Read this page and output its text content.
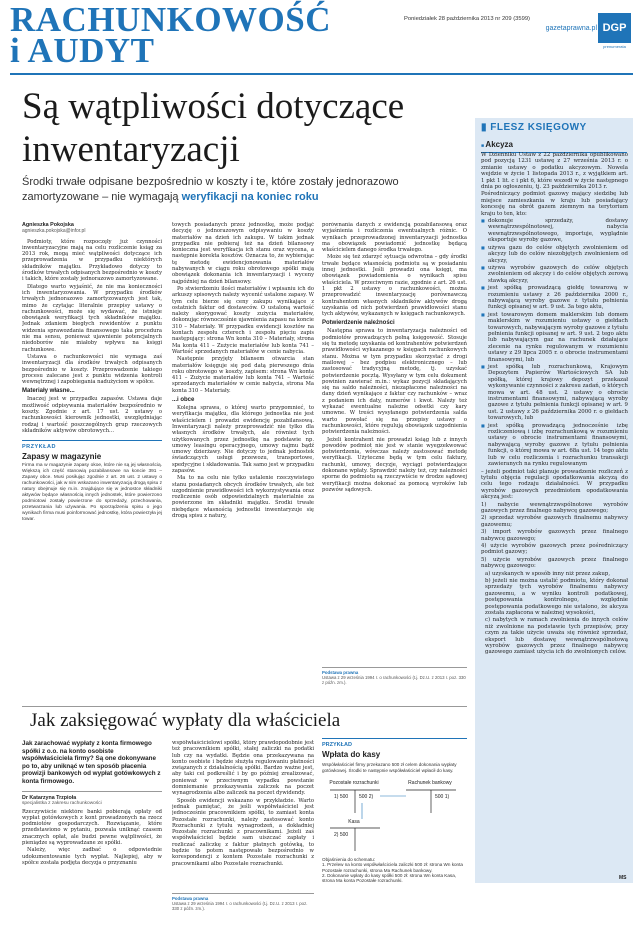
RACHUNKOWOŚĆ
i AUDYT
Poniedziałek 28 października 2013 nr 209 (3599)
gazetaprawna.pl DGP
prenumerata
Są wątpliwości dotyczące
inwentaryzacji
Środki trwałe odpisane bezpośrednio w koszty i te, które zostały jednorazowo zamortyzowane – nie wymagają weryfikacji na koniec roku
Agnieszka Pokojska
agnieszka.pokojska@infor.pl

Podmioty, które rozpoczęły już czynności inwentaryzacyjne mają na celu rozliczenie ksiąg za 2013 rok, mogą mieć wątpliwości dotyczące ich przeprowadzenia w przypadku niektórych składników majątku. Przykładowo dotyczy to środków trwałych odpisanych bezpośrednio w koszty i takich, które zostały jednorazowo zamortyzowane.

Dlatego warto wyjaśnić, że nie ma konieczności ich inwentaryzowania. W przypadku środków trwałych jednorazowo zamortyzowanych jest tak, mimo że czytając literalnie przepisy ustawy o rachunkowości, może się wydawać, że istnieje obowiązek weryfikacji tych składników majątku. Jednak zdaniem biegłych rewidentów z punktu widzenia sprawozdania finansowego taka procedura nie ma sensu, ponieważ ujawnienie potencjalnych niedoborów nie miałoby wpływu na księgi rachunkowe.

Ustawa o rachunkowości nie wymaga zaś inwentaryzacji dla środków trwałych odpisanych bezpośrednio w koszty. Przeprowadzenie takiego procesu zalecane jest z punktu widzenia kontroli wewnętrznej i zapobiegania nadużyciom w spółce.

Materiały własne...

Inaczej jest w przypadku zapasów. Ustawa daje możliwość odpisywania materiałów bezpośrednio w koszty. Zgodnie z art. 17 ust. 2 ustawy o rachunkowości kierownik jednostki, uwzględniając rodzaj i wartość poszczególnych grup rzeczowych składników aktywów obrotowych...

PRZYKŁAD
Zapasy w magazynie
Firma ma w magazynie zapasy okoe, które nie są jej własnością. Większą ich część stanowią pozabilansowe na koncie 391 – Zapasy obce. Musi posiłując zgodnie z art. 26 ust. 2 ustawy o rachunkowości, jak w nim wskazano inwentaryzacją drogą spisu z natury obejmuje się m.in. znajdujące się w jednostce składniki aktywów będące własnością innych jednostek, które powierzono podmiotowi zostały powierzone do sprzedaży, przechowania, przetwarzania lub używania. Po sporządzeniu spisu o jego wynikach firma musi poinformować jednostkę, która powierzyła jej towar.

towych posiadanych przez jednostkę, może podjąć decyzję o jednorazowym odpisywaniu w koszty materiałów na dzień ich zakupu. W takim jednak przypadku nie pobieraj też na dzień bilansowy konieczna jest weryfikacja ich stanu oraz wycena, a następnie korekta kosztów. Oznacza to, że wybierając tę metodę ewidencjonowania materiałów nabywanych w ciągu roku obrotowego spółki mają obowiązek dokonania ich inwentaryzacji i wyceny najpóźniej na dzień bilansowy.

Po stwierdzeniu ilości materiałów i wpisaniu ich do arkuszy spisowych należy wycenić ustalone zapasy. W tym celu bierze się ceny zakupu wynikające z ostatnich faktur od dostawców. O ustaloną wartość należy skorygować koszty zużycia materiałów, dokonując równocześnie ujawnienia zapasu na koncie 310 – Materiały. W przypadku ewidencji kosztów na kontach zespołu czterech i zespołu pięciu zapis następujący: strona Wn konta 310 – Materiały, strona Ma konta 411 – Zużycie materiałów lub konta 741 – Wartość sprzedanych materiałów w cenie nabycia.

Następnie przyjęty bilansem otwarcia stan materiałów księguje się pod datą pierwszego dnia roku obrotowego w koszty, zapisem: strona Wn konta 411 – Zużycie materiałów lub konta 741 – Wartość sprzedanych materiałów w cenie nabycia, strona Ma konta 310 – Materiały.

...i obce

Kolejna sprawa, o której warto przypomnieć, to weryfikacja majątku, dla którego jednostka nie jest właścicielem i prowadzi ewidencję pozabilansową. Inwentaryzacji należy przeprowadzić nie tylko dla własnych środków trwałych, ale również tych użytkowanych przez jednostkę na podstawie np. umowy leasingu operacyjnego, umowy najmu bądź umowy dzierżawy. Nie dotyczy to jednak jednostek świadczących usługi przewozu, transportowe, spedycyjne i składowania. Tak samo jest w przypadku zapasów.

Ma to na celu nie tylko ustalenie rzeczywistego stanu posiadanych obcych środków trwałych, ale też uzgodnienie prawidłowości ich wykorzystywania oraz rozliczenie osób odpowiedzialnych materialnie za powierzone im składniki majątku. Środki trwałe niebędące własnością jednostki inwentaryzuje się drogą spisu z natury,

porównania danych z ewidencją pozabilansową oraz wyjaśnienia i rozliczenia ewentualnych różnic. O wynikach przeprowadzonej inwentaryzacji jednostka ma obowiązek powiadomić jednostkę będącą właścicielem danego środka trwałego.

Może się też zdarzyć sytuacja odwrotna – gdy środki trwałe będące własnością podmiotu są w posiadaniu innej jednostki. Jeśli prowadzi ona księgi, ma obowiązek powiadomienia o wynikach spisu właściciela. W przeciwnym razie, zgodnie z art. 26 ust. 1 pkt 2 ustawy o rachunkowości, można przeprowadzić inwentaryzację porównawczą kontrahentom własnych składników aktywów drogą uzyskania od nich potwierdzeń prawidłowości stanu tych aktywów, wykazanych w księgach rachunkowych.

Potwierdzenie należności

Następna sprawa to inwentaryzacja należności od podmiotów prowadzących pełną księgowość. Stosuje się tu metodę uzyskania od kontrahentów potwierdzeń prawidłowości wykazanego w księgach rachunkowych stanu. Można w tym przypadku skorzystać z drogi mailowej – bez podpisu elektronicznego – lub zastosować tradycyjną metodę, tj. uzyskać potwierdzenie pocztą. Wysyłany w tym celu dokument powinien zawierać m.in.: wykaz pozycji składających się na saldo należności, niezapłacone należności na dany dzień wynikające z faktur czy rachunków – wraz z podaniem ich daty, numerów i kwot. Należy też wykazać ewentualne należne odsetki czy kary umowne. W treści wysyłanego potwierdzenia salda warto powołać się na przepisy ustawy o rachunkowości, które regulują obowiązek uzgodnienia potwierdzenia należności.

Jeżeli kontrahent nie prowadzi ksiąg lub z innych powodów podmiot nie jest w stanie wyegzekwować potwierdzenia, wówczas należy zastosować metodę weryfikacji. Użyteczne będą w tym celu faktury, rachunki, umowy, decyzje, wyciągi potwierdzające dokonane wpłaty. Sprawdzić należy też, czy należności sporne do podmiotu są rzeczywiście w drodze sądowej weryfikacji można dokonać za pomocą wyroków lub pozwów sądowych.

Podstawa prawna
Ustawa z 29 września 1994 r. o rachunkowości (t.j. Dz.U. z 2013 r. poz. 330 z późn. zm.).
▮ FLESZ KSIĘGOWY
■ Akcyza

W Dzienniku Ustaw z 22 października opublikowano pod pozycją 1231 ustawę z 27 września 2013 r. o zmianie ustawy o podatku akcyzowym. Nowela wejdzie w życie 1 listopada 2013 r., z wyjątkiem art. 1 pkt 1 lit. c i pkt 6, które wszedł w życie następnego dnia po ogłoszeniu, tj. 23 października 2013 r.

Pośredniczący podmiot gazowy mający siedzibę lub miejsce zamieszkania w kraju lub posiadający koncesję na obrót gazem ziemnym na terytorium kraju to ten, kto:

■ dokonuje sprzedaży, dostawy wewnątrzwspólnotowej, nabycia wewnątrzwspólnotowego, importuje, wyglądnie eksportuje wyroby gazowe,
■ używa gazu do celów objętych zwolnieniem od akcyzy lub do celów niezobjętych zwolnieniem od akcyzy,
■ używa wyrobów gazowych do celów objętych zwolnieniem od akcyzy i do celów objętych zerową stawką akcyzy,
■ jest spółką prowadzącą giełdę towarową w rozumieniu ustawy z 26 października 2000 r., nabywającą wyroby gazowe z tytułu pełnienia funkcji opisanej w art. 9 ust. 3a tego aktu,
■ jest towarowym domem maklerskim lub domem maklerskim w rozumieniu ustawy o giełdach towarowych, nabywającym wyroby gazowe z tytułu pełnienia funkcji opisanej w art. 9 ust. 2 tego aktu lub nabywającym gaz na rachunek działające zlecenie na rynku regulowanym w rozumieniu ustawy z 29 lipca 2005 r. o obrocie instrumentami finansowymi, lub
■ jest spółką lub rozrachunkową, Krajowym Depozytem Papierów Wartościowych SA lub spółką, której krajowy depozyt przekazał wykonywanie czynności z zakresu zadań, o których mowa w art. 48 ust. 2 ustawy o obrocie instrumentami finansowymi, nabywającą wyroby gazowe z tytułu pełnienia funkcji opisanej w art. 9 ust. 2 ustawy z 26 października 2000 r. o giełdach towarowych, lub
■ jest spółką prowadzącą jednocześnie izbę rozliczeniową i izbę rozrachunkową w rozumieniu ustawy o obrocie instrumentami finansowymi, nabywającą wyroby gazowe z tytułu pełnienia funkcji, o której mowa w art. 68a ust. 14 tego aktu lub w celu rozliczenia i rozrachunku transakcji zawieranych na rynku regulowanym

– jeżeli podmiot taki planuje prowadzenie rozliczeń z tytułu objęcia regulacji opodatkowania akcyzą do celu tego rodzaju działalności. W przypadku wyrobów gazowych przedmiotem opodatkowania akcyzą jest:

1) nabycie wewnątrzwspólnotowe wyrobów gazowych przez finalnego nabywcę gazowego;

2) sprzedaż wyrobów gazowych finalnemu nabywcy gazowemu;

3) import wyrobów gazowych przez finalnego nabywcę gazowego;

4) użycie wyrobów gazowych przez pośredniczący podmiot gazowy;

5) użycie wyrobów gazowych przez finalnego nabywcę gazowego:

a) uzyskanych w sposób inny niż przez zakup,

b) jeżeli nie można ustalić podmiotu, który dokonał sprzedaży tych wyrobów finalnemu nabywcy gazowemu, a w wyniku kontroli podatkowej, postępowania kontrolnego, względnie postępowania podatkowego nie ustalono, że akcyza została zapłacona w należnej wysokości,

c) nabytych w ramach zwolnienia do innych celów niż zwolnione na podstawie tych przepisów, przy czym za takie użycie uważa się również sprzedaż, eksport lub dostawę wewnątrzwspólnotową wyrobów gazowych przez finalnego nabywcę gazowego zamiast użycia ich do zwolnionych celów.

MS
Jak zaksięgować wypłaty dla właściciela
Jak zarachować wypłaty z konta firmowego spółki z o.o. na konto osobiste współwłaściciela firmy? Są one dokonywane po to, aby uniknąć w ten sposób płacenia prowizji bankowych od wypłat gotówkowych z konta firmowego.
Dr Katarzyna Trzpioła
specjalistka z zakresu rachunkowości

Rzeczywiście niektóre banki pobierają opłaty od wypłat gotówkowych z kont prowadzonych na rzecz podmiotów gospodarczych. Rozwiązanie, które przedstawiono w pytaniu, pozwala uniknąć czasem znacznych opłat, ale budzi pewne wątpliwości, że pieniądze są wyprowadzane ze spółki.

Należy, więc zadbać o odpowiednie udokumentowanie tych wypłat. Najlepiej, aby w spółce została podjęta decyzja o przyznaniu

współwłaścicielowi spółki, który prawdopodobnie jest też pracownikiem spółki, stałej zaliczki na podatki lub czy na wydatki. Będzie ona przekazywana na konto osobiste i będzie służyła regulowaniu płatności związanych z działalnością spółki. Bardzo ważne jest, aby taki cel podkreślić i by go później zrealizować, ponieważ w przeciwnym wypadku powstanie domniemanie przekazywania zaliczek na poczet wynagrodzenia albo zaliczek na poczet dywidendy.

Sposób ewidencji wskazano w przykładzie. Warto jednak pamiętać, że jeśli współwłaściciel jest jednocześnie pracownikiem spółki, to zamiast konta Pozostałe rozrachunki, należy zastosować konto Rozrachunki z tytułu wynagrodzeń, a dokładniej Pozostałe rozrachunki z pracownikami. Jeżeli zaś współwłaściciel będzie sam uiszczać zapłaty i rozliczać zaliczkę z faktur płatnych gotówką, to będzie to potem następowało bezpośrednio w korespondencji z kontem Pozostałe rozrachunki z pracownikami albo Pozostałe rozrachunki.

Podstawa prawna
Ustawa z 29 września 1994 r. o rachunkowości (t.j. Dz.U. z 2013 r. poz. 330 z późn. zm.).
PRZYKŁAD
Wpłata do kasy
Współwłaściciel firmy przekazano 500 zł celem dokonania wypłaty gotówkowej. Środki te następnie współwłaściciel wpłacił do kasy.
Pozostałe rozrachunki	Rachunek bankowy
1) 500 500 2)	500 1)
Kasa
2) 500
Objaśnienia do schematu:
1. Przelew na konto współwłaściciela zaliczki 500 zł: strona Wn konta Pozostałe rozrachunki, strona Ma Rachunek bankowy.
2. Dokonanie wpłaty do kasy spółki 500 zł: strona Wn konta Kasa, strona Ma konta Pozostałe rozrachunki.
